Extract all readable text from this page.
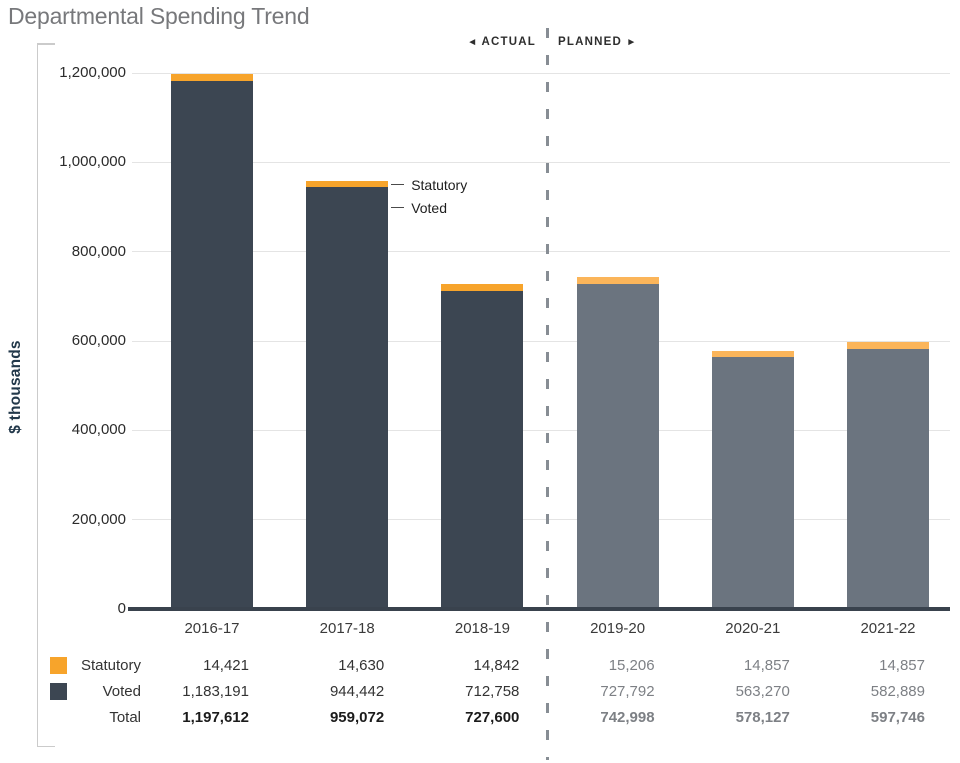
Departmental Spending Trend
$ thousands
◄ ACTUAL PLANNED ►
0
200,000
400,000
600,000
800,000
1,000,000
1,200,000
2016-17	2017-18	2018-19	2019-20	2020-21	2021-22
Statutory
Voted
Statutory	14,421	14,630	14,842	15,206	14,857	14,857
Voted	1,183,191	944,442	712,758	727,792	563,270	582,889
Total	1,197,612	959,072	727,600	742,998	578,127	597,746
